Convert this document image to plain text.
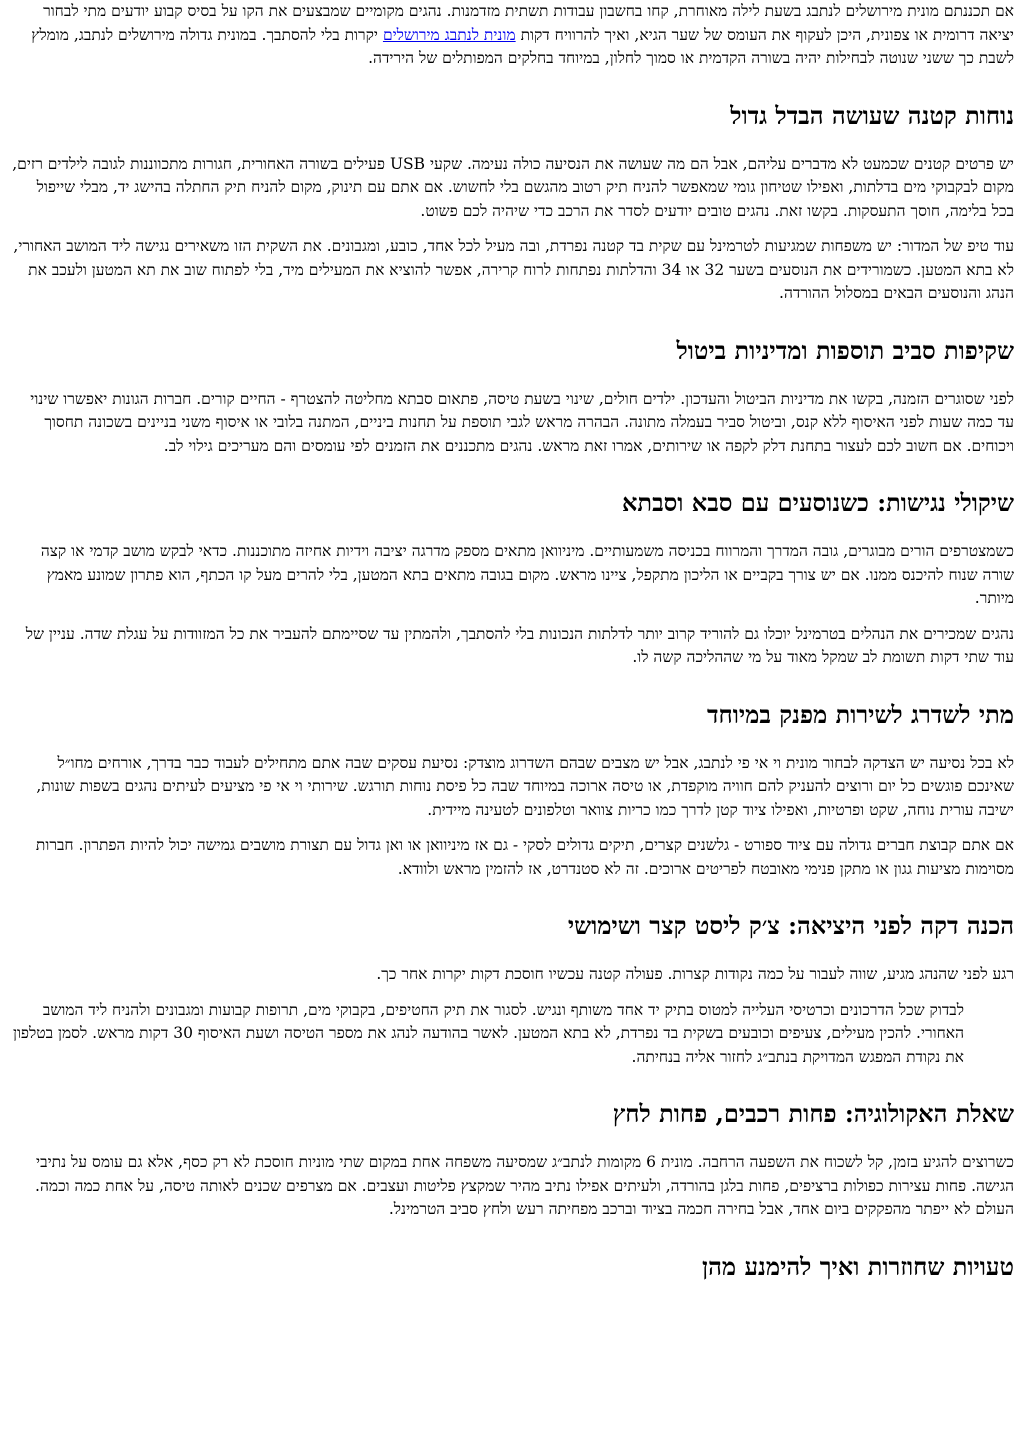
אם תכננתם מונית מירושלים לנתבג בשעת לילה מאוחרת, קחו בחשבון עבודות תשתית מזדמנות. נהגים מקומיים שמבצעים את הקו על בסיס קבוע יודעים מתי לבחור יציאה דרומית או צפונית, היכן לעקוף את העומס של שער הגיא, ואיך להרוויח דקות מונית לנתבג מירושלים יקרות בלי להסתבך. במונית גדולה מירושלים לנתבג, מומלץ לשבת כך ששני שנוטה לבחילות יהיה בשורה הקדמית או סמוך לחלון, במיוחד בחלקים המפותלים של הירידה.

נוחות קטנה שעושה הבדל גדול

יש פרטים קטנים שכמעט לא מדברים עליהם, אבל הם מה שעושה את הנסיעה כולה נעימה. שקעי USB פעילים בשורה האחורית, חגורות מתכווננות לגובה לילדים רזים, מקום לבקבוקי מים בדלתות, ואפילו שטיחון גומי שמאפשר להניח תיק רטוב מהגשם בלי לחשוש. אם אתם עם תינוק, מקום להניח תיק החתלה בהישג יד, מבלי שייפול בכל בלימה, חוסך התעסקות. בקשו זאת. נהגים טובים יודעים לסדר את הרכב כדי שיהיה לכם פשוט.

עוד טיפ של המדור: יש משפחות שמגיעות לטרמינל עם שקית בד קטנה נפרדת, ובה מעיל לכל אחד, כובע, ומגבונים. את השקית הזו משאירים נגישה ליד המושב האחורי, לא בתא המטען. כשמורידים את הנוסעים בשער 32 או 34 והדלתות נפתחות לרוח קרירה, אפשר להוציא את המעילים מיד, בלי לפתוח שוב את תא המטען ולעכב את הנהג והנוסעים הבאים במסלול ההורדה.

שקיפות סביב תוספות ומדיניות ביטול

לפני שסוגרים הזמנה, בקשו את מדיניות הביטול והעדכון. ילדים חולים, שינוי בשעת טיסה, פתאום סבתא מחליטה להצטרף - החיים קורים. חברות הגונות יאפשרו שינוי עד כמה שעות לפני האיסוף ללא קנס, וביטול סביר בעמלה מתונה. הבהרה מראש לגבי תוספת על תחנות ביניים, המתנה בלובי או איסוף משני בניינים בשכונה תחסוך ויכוחים. אם חשוב לכם לעצור בתחנת דלק לקפה או שירותים, אמרו זאת מראש. נהגים מתכננים את הזמנים לפי עומסים והם מעריכים גילוי לב.

שיקולי נגישות: כשנוסעים עם סבא וסבתא

כשמצטרפים הורים מבוגרים, גובה המדרך והמרווח בכניסה משמעותיים. מיניוואן מתאים מספק מדרגה יציבה וידיות אחיזה מתוכננות. כדאי לבקש מושב קדמי או קצה שורה שנוח להיכנס ממנו. אם יש צורך בקביים או הליכון מתקפל, ציינו מראש. מקום בגובה מתאים בתא המטען, בלי להרים מעל קו הכתף, הוא פתרון שמונע מאמץ מיותר.

נהגים שמכירים את הנהלים בטרמינל יוכלו גם להוריד קרוב יותר לדלתות הנכונות בלי להסתבך, ולהמתין עד שסיימתם להעביר את כל המזוודות על עגלת שדה. עניין של עוד שתי דקות תשומת לב שמקל מאוד על מי שההליכה קשה לו.

מתי לשדרג לשירות מפנק במיוחד

לא בכל נסיעה יש הצדקה לבחור מונית וי אי פי לנתבג, אבל יש מצבים שבהם השדרוג מוצדק: נסיעת עסקים שבה אתם מתחילים לעבוד כבר בדרך, אורחים מחו״ל שאינכם פוגשים כל יום ורוצים להעניק להם חוויה מוקפדת, או טיסה ארוכה במיוחד שבה כל פיסת נוחות תורגש. שירותי וי אי פי מציעים לעיתים נהגים בשפות שונות, ישיבה עורית נוחה, שקט ופרטיות, ואפילו ציוד קטן לדרך כמו כריות צוואר וטלפונים לטעינה מיידית.

אם אתם קבוצת חברים גדולה עם ציוד ספורט - גלשנים קצרים, תיקים גדולים לסקי - גם אז מיניוואן או ואן גדול עם תצורת מושבים גמישה יכול להיות הפתרון. חברות מסוימות מציעות גגון או מתקן פנימי מאובטח לפריטים ארוכים. זה לא סטנדרט, אז להזמין מראש ולוודא.

הכנה דקה לפני היציאה: צ׳ק ליסט קצר ושימושי

רגע לפני שהנהג מגיע, שווה לעבור על כמה נקודות קצרות. פעולה קטנה עכשיו חוסכת דקות יקרות אחר כך.

לבדוק שכל הדרכונים וכרטיסי העלייה למטוס בתיק יד אחד משותף ונגיש. לסגור את תיק החטיפים, בקבוקי מים, תרופות קבועות ומגבונים ולהניח ליד המושב האחורי. להכין מעילים, צעיפים וכובעים בשקית בד נפרדת, לא בתא המטען. לאשר בהודעה לנהג את מספר הטיסה ושעת האיסוף 30 דקות מראש. לסמן בטלפון את נקודת המפגש המדויקת בנתב״ג לחזור אליה בנחיתה.
שאלת האקולוגיה: פחות רכבים, פחות לחץ

כשרוצים להגיע בזמן, קל לשכוח את השפעה הרחבה. מונית 6 מקומות לנתב״ג שמסיעה משפחה אחת במקום שתי מוניות חוסכת לא רק כסף, אלא גם עומס על נתיבי הגישה. פחות עצירות כפולות ברציפים, פחות בלגן בהורדה, ולעיתים אפילו נתיב מהיר שמקצץ פליטות ועצבים. אם מצרפים שכנים לאותה טיסה, על אחת כמה וכמה. העולם לא ייפתר מהפקקים ביום אחד, אבל בחירה חכמה בציוד וברכב מפחיתה רעש ולחץ סביב הטרמינל.

טעויות שחוזרות ואיך להימנע מהן
